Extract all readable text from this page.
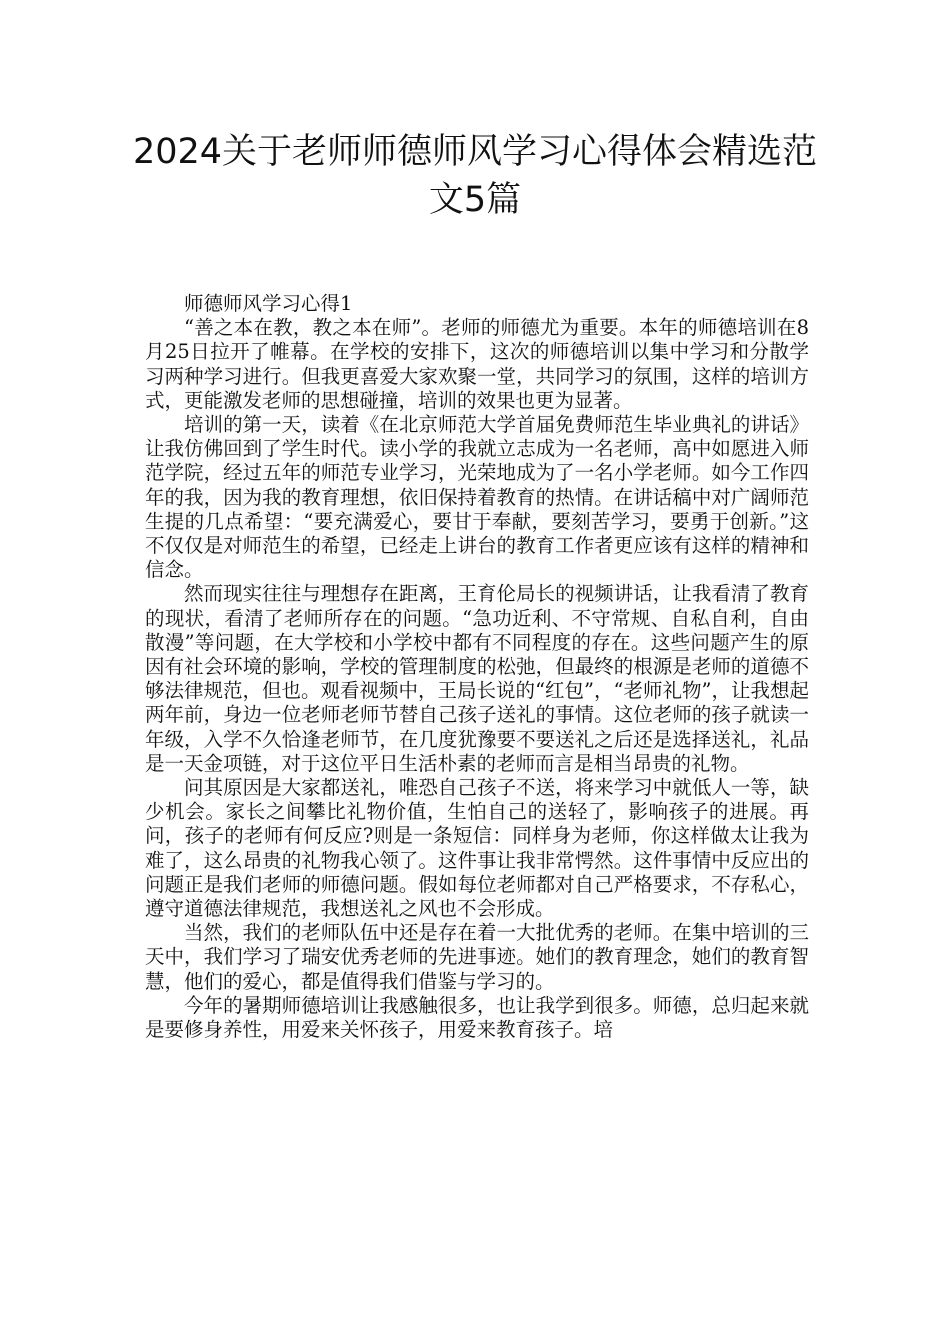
2024关于老师师德师风学习心得体会精选范文5篇

师德师风学习心得1

“善之本在教，教之本在师”。老师的师德尤为重要。本年的师德培训在8月25日拉开了帷幕。在学校的安排下，这次的师德培训以集中学习和分散学习两种学习进行。但我更喜爱大家欢聚一堂，共同学习的氛围，这样的培训方式，更能激发老师的思想碰撞，培训的效果也更为显著。

培训的第一天，读着《在北京师范大学首届免费师范生毕业典礼的讲话》让我仿佛回到了学生时代。读小学的我就立志成为一名老师，高中如愿进入师范学院，经过五年的师范专业学习，光荣地成为了一名小学老师。如今工作四年的我，因为我的教育理想，依旧保持着教育的热情。在讲话稿中对广阔师范生提的几点希望：“要充满爱心，要甘于奉献，要刻苦学习，要勇于创新。”这不仅仅是对师范生的希望，已经走上讲台的教育工作者更应该有这样的精神和信念。

然而现实往往与理想存在距离，王育伦局长的视频讲话，让我看清了教育的现状，看清了老师所存在的问题。“急功近利、不守常规、自私自利，自由散漫”等问题，在大学校和小学校中都有不同程度的存在。这些问题产生的原因有社会环境的影响，学校的管理制度的松弛，但最终的根源是老师的道德不够法律规范，但也。观看视频中，王局长说的“红包”，“老师礼物”，让我想起两年前，身边一位老师老师节替自己孩子送礼的事情。这位老师的孩子就读一年级，入学不久恰逢老师节，在几度犹豫要不要送礼之后还是选择送礼，礼品是一天金项链，对于这位平日生活朴素的老师而言是相当昂贵的礼物。

问其原因是大家都送礼，唯恐自己孩子不送，将来学习中就低人一等，缺少机会。家长之间攀比礼物价值，生怕自己的送轻了，影响孩子的进展。再问，孩子的老师有何反应?则是一条短信：同样身为老师，你这样做太让我为难了，这么昂贵的礼物我心领了。这件事让我非常愕然。这件事情中反应出的问题正是我们老师的师德问题。假如每位老师都对自己严格要求，不存私心，遵守道德法律规范，我想送礼之风也不会形成。

当然，我们的老师队伍中还是存在着一大批优秀的老师。在集中培训的三天中，我们学习了瑞安优秀老师的先进事迹。她们的教育理念，她们的教育智慧，他们的爱心，都是值得我们借鉴与学习的。

今年的暑期师德培训让我感触很多，也让我学到很多。师德，总归起来就是要修身养性，用爱来关怀孩子，用爱来教育孩子。培
